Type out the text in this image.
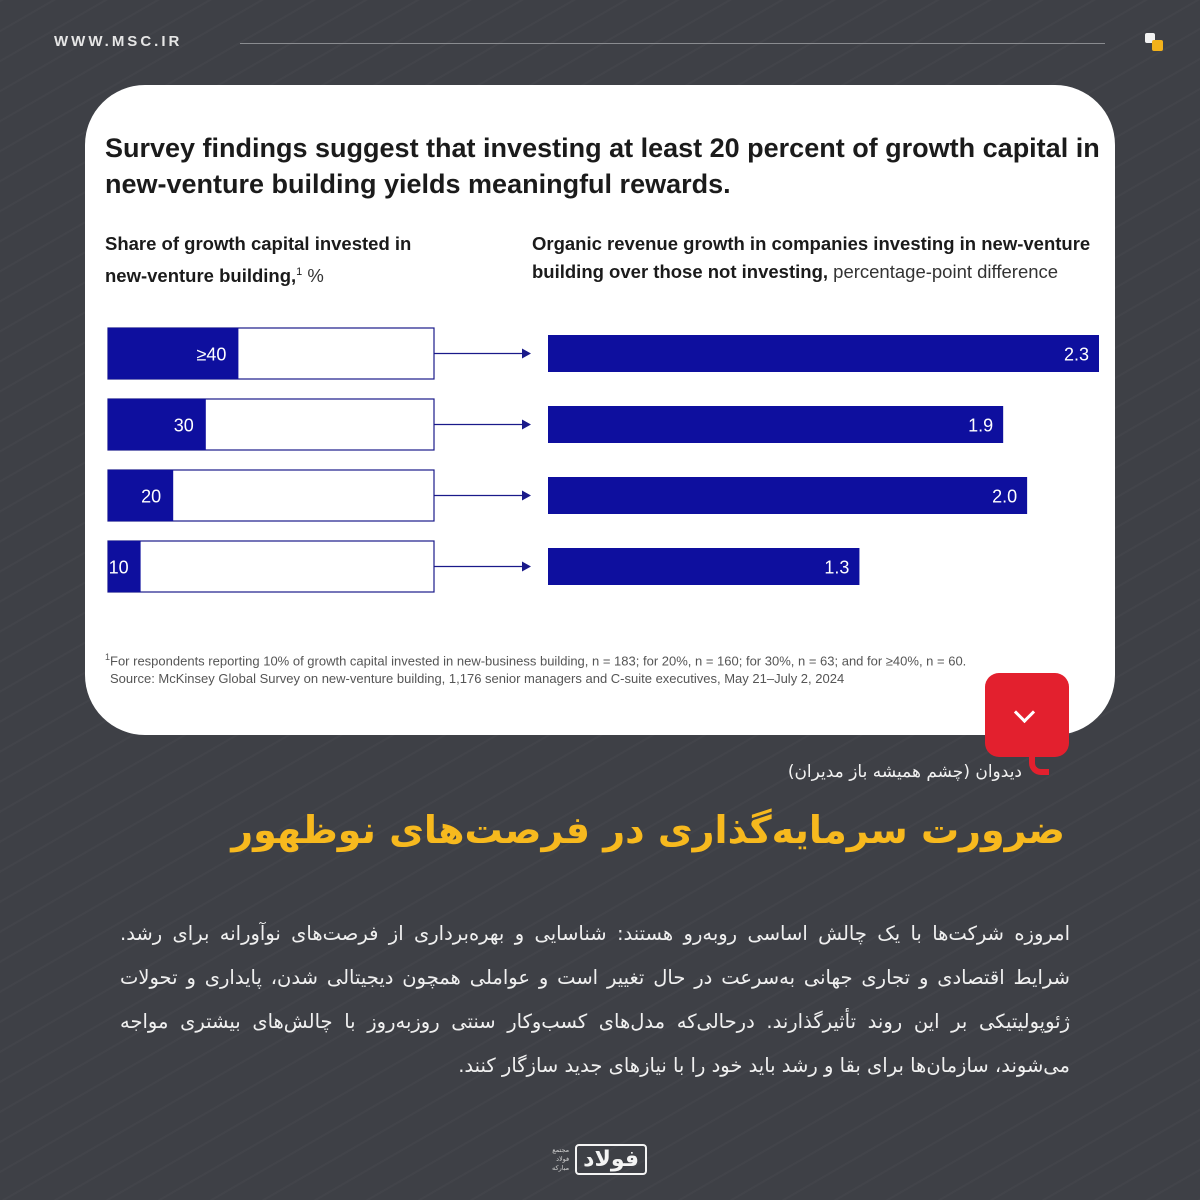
WWW.MSC.IR
Survey findings suggest that investing at least 20 percent of growth capital in new-venture building yields meaningful rewards.
Share of growth capital invested in new-venture building,$^1$ %
Organic revenue growth in companies investing in new-venture building over those not investing, percentage-point difference
≥40	2.3
30	1.9
20	2.0
10	1.3
$^1$For respondents reporting 10% of growth capital invested in new-business building, n = 183; for 20%, n = 160; for 30%, n = 63; and for ≥40%, n = 60.
Source: McKinsey Global Survey on new-venture building, 1,176 senior managers and C-suite executives, May 21–July 2, 2024
دیدوان (چشم همیشه باز مدیران)
ضرورت سرمایه‌گذاری در فرصت‌های نوظهور
امروزه شرکت‌ها با یک چالش اساسی روبه‌رو هستند: شناسایی و بهره‌برداری از فرصت‌های نوآورانه برای رشد. شرایط اقتصادی و تجاری جهانی به‌سرعت در حال تغییر است و عواملی همچون دیجیتالی شدن، پایداری و تحولات ژئوپولیتیکی بر این روند تأثیرگذارند. درحالی‌که مدل‌های کسب‌وکار سنتی روزبه‌روز با چالش‌های بیشتری مواجه می‌شوند، سازمان‌ها برای بقا و رشد باید خود را با نیازهای جدید سازگار کنند.
مجتمع
فولاد
مبارکه فولاد
